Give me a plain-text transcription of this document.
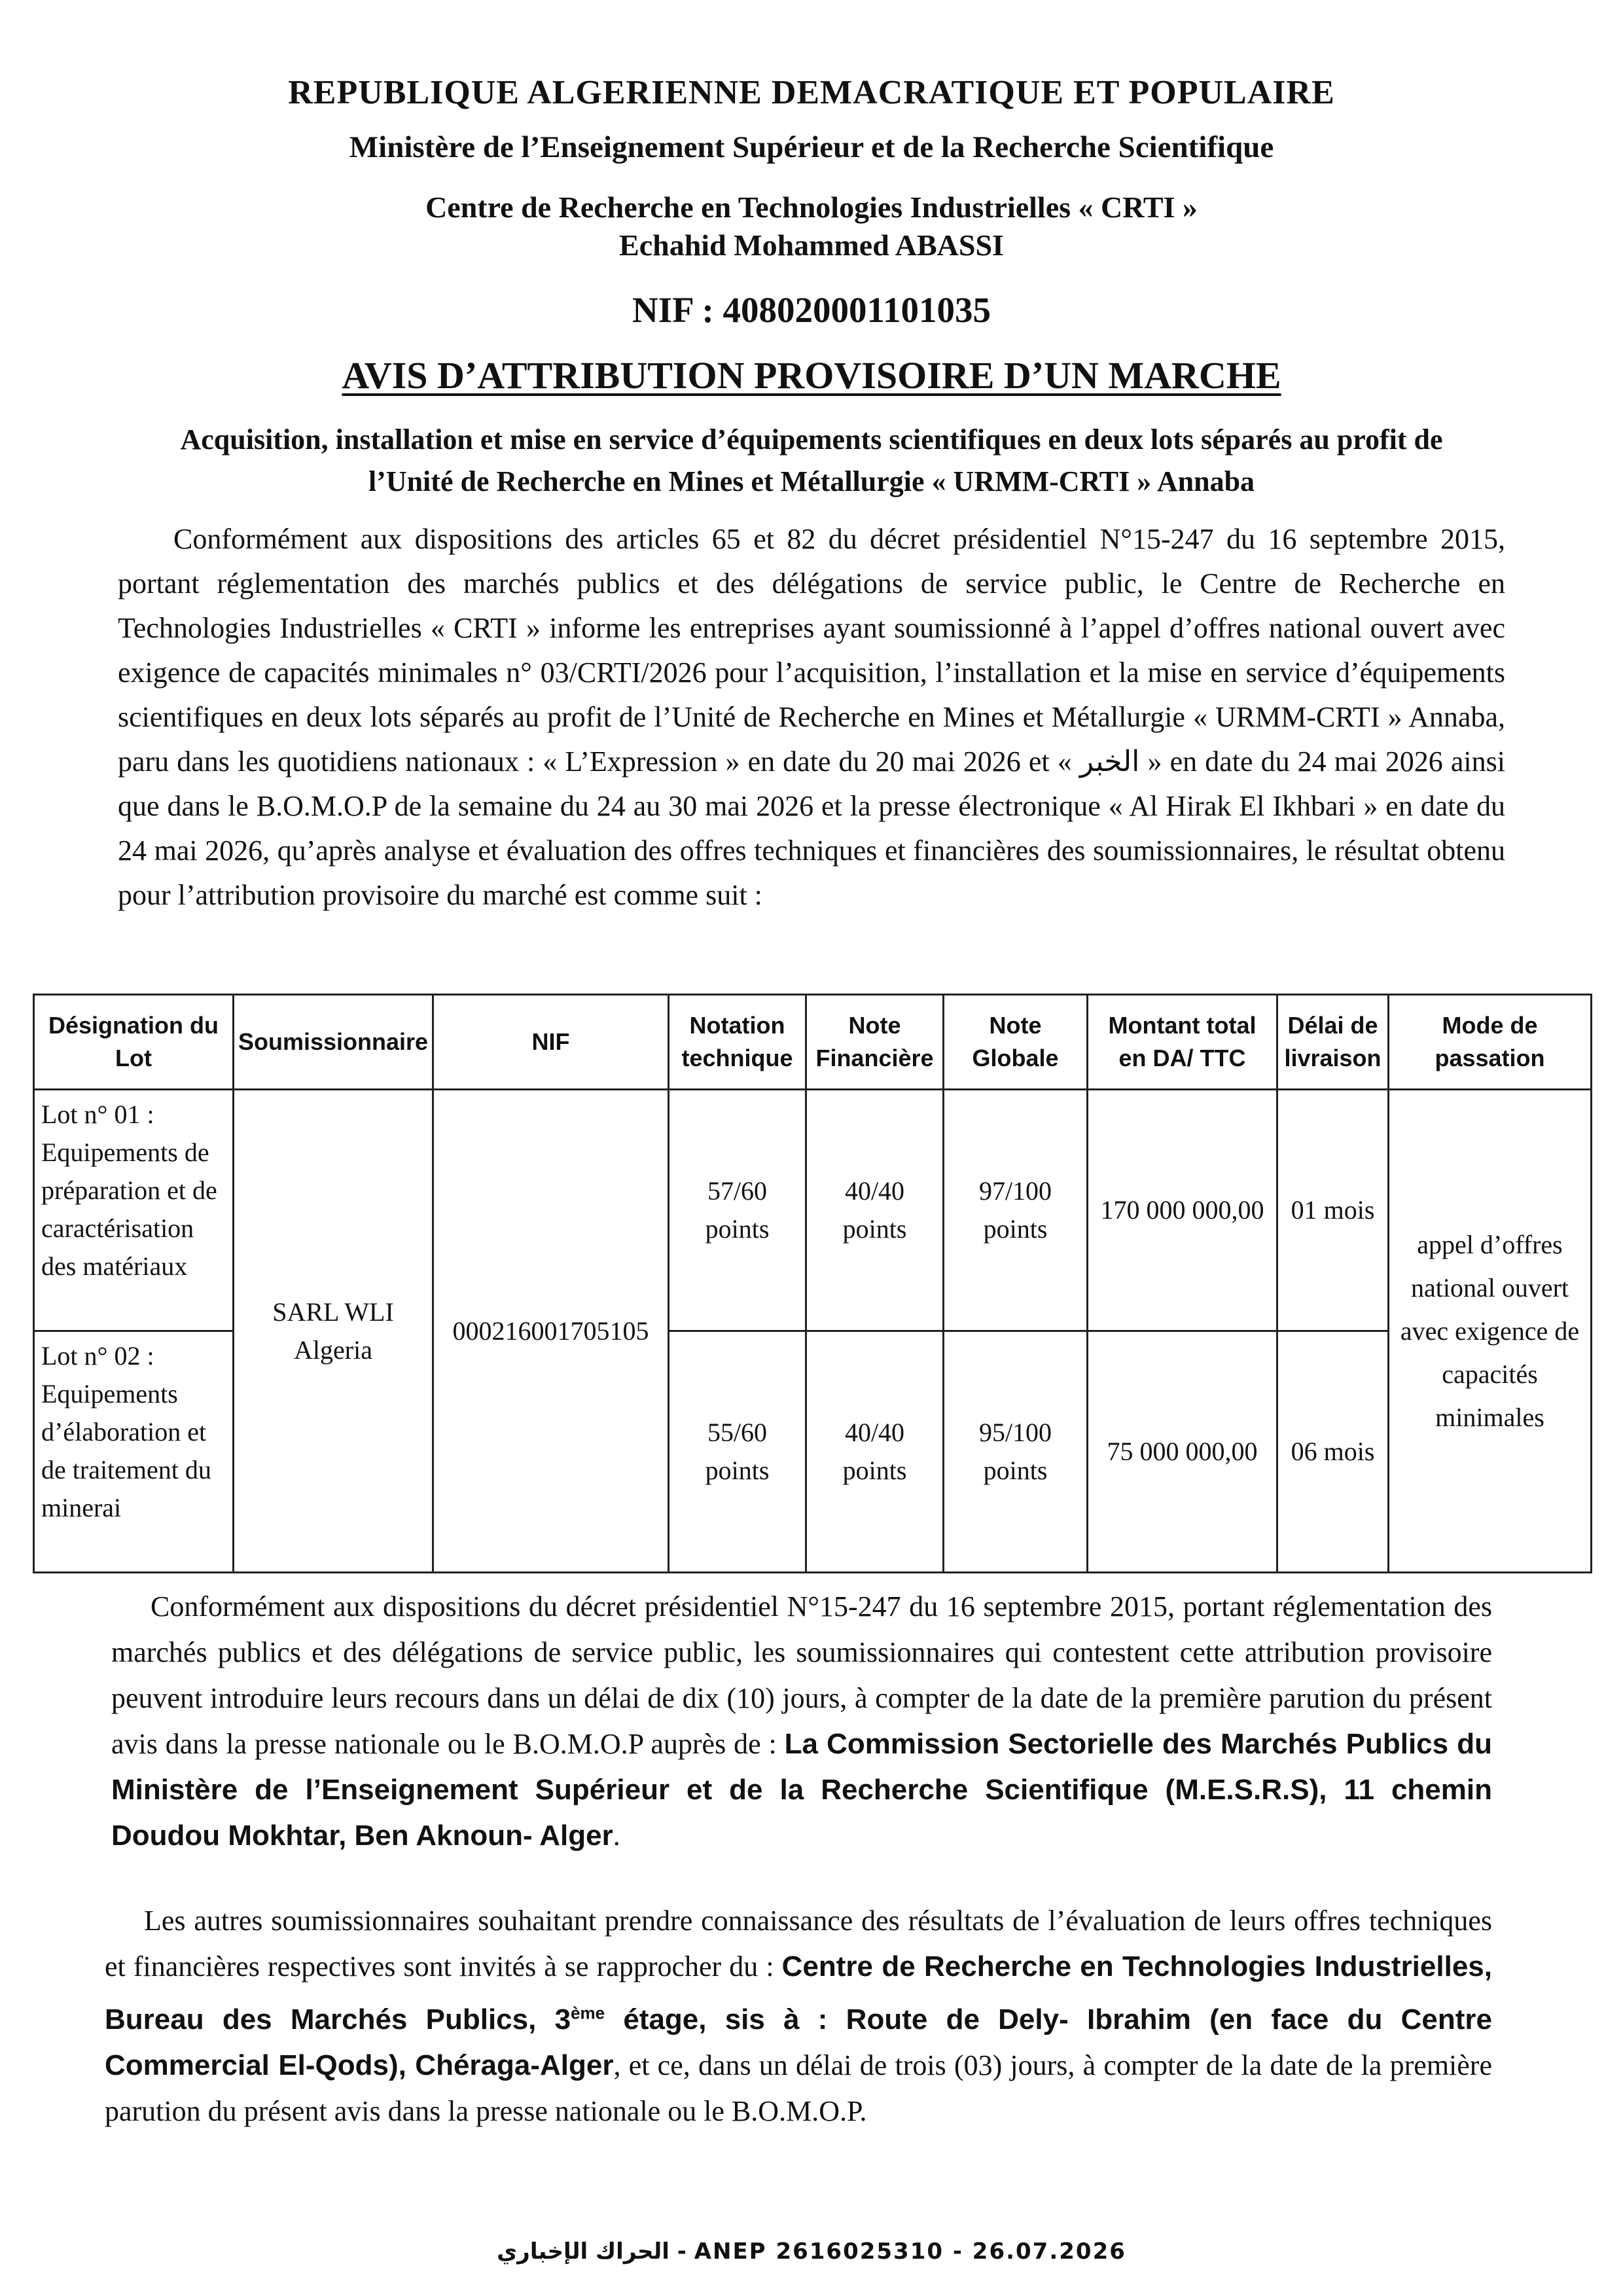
REPUBLIQUE ALGERIENNE DEMACRATIQUE ET POPULAIRE
Ministère de l’Enseignement Supérieur et de la Recherche Scientifique
Centre de Recherche en Technologies Industrielles « CRTI »
Echahid Mohammed ABASSI
NIF : 408020001101035
AVIS D’ATTRIBUTION PROVISOIRE D’UN MARCHE
Acquisition, installation et mise en service d’équipements scientifiques en deux lots séparés au profit de l’Unité de Recherche en Mines et Métallurgie « URMM-CRTI » Annaba
Conformément aux dispositions des articles 65 et 82 du décret présidentiel N°15-247 du 16 septembre 2015, portant réglementation des marchés publics et des délégations de service public, le Centre de Recherche en Technologies Industrielles « CRTI » informe les entreprises ayant soumissionné à l’appel d’offres national ouvert avec exigence de capacités minimales n° 03/CRTI/2026 pour l’acquisition, l’installation et la mise en service d’équipements scientifiques en deux lots séparés au profit de l’Unité de Recherche en Mines et Métallurgie « URMM-CRTI » Annaba, paru dans les quotidiens nationaux : « L’Expression » en date du 20 mai 2026 et « الخبر » en date du 24 mai 2026 ainsi que dans le B.O.M.O.P de la semaine du 24 au 30 mai 2026 et la presse électronique « Al Hirak El Ikhbari » en date du 24 mai 2026, qu’après analyse et évaluation des offres techniques et financières des soumissionnaires, le résultat obtenu pour l’attribution provisoire du marché est comme suit :
Désignation du Lot	Soumissionnaire	NIF	Notation technique	Note Financière	Note Globale	Montant total en DA/ TTC	Délai de livraison	Mode de passation
Lot n° 01 : Equipements de préparation et de caractérisation des matériaux	SARL WLI Algeria	000216001705105	57/60 points	40/40 points	97/100 points	170 000 000,00	01 mois	appel d’offres national ouvert avec exigence de capacités minimales
Lot n° 02 : Equipements d’élaboration et de traitement du minerai			55/60 points	40/40 points	95/100 points	75 000 000,00	06 mois	
Conformément aux dispositions du décret présidentiel N°15-247 du 16 septembre 2015, portant réglementation des marchés publics et des délégations de service public, les soumissionnaires qui contestent cette attribution provisoire peuvent introduire leurs recours dans un délai de dix (10) jours, à compter de la date de la première parution du présent avis dans la presse nationale ou le B.O.M.O.P auprès de : La Commission Sectorielle des Marchés Publics du Ministère de l’Enseignement Supérieur et de la Recherche Scientifique (M.E.S.R.S), 11 chemin Doudou Mokhtar, Ben Aknoun- Alger.
Les autres soumissionnaires souhaitant prendre connaissance des résultats de l’évaluation de leurs offres techniques et financières respectives sont invités à se rapprocher du : Centre de Recherche en Technologies Industrielles, Bureau des Marchés Publics, 3ème étage, sis à : Route de Dely- Ibrahim (en face du Centre Commercial El-Qods), Chéraga-Alger, et ce, dans un délai de trois (03) jours, à compter de la date de la première parution du présent avis dans la presse nationale ou le B.O.M.O.P.
الحراك الإخباري - ANEP 2616025310 - 26.07.2026
